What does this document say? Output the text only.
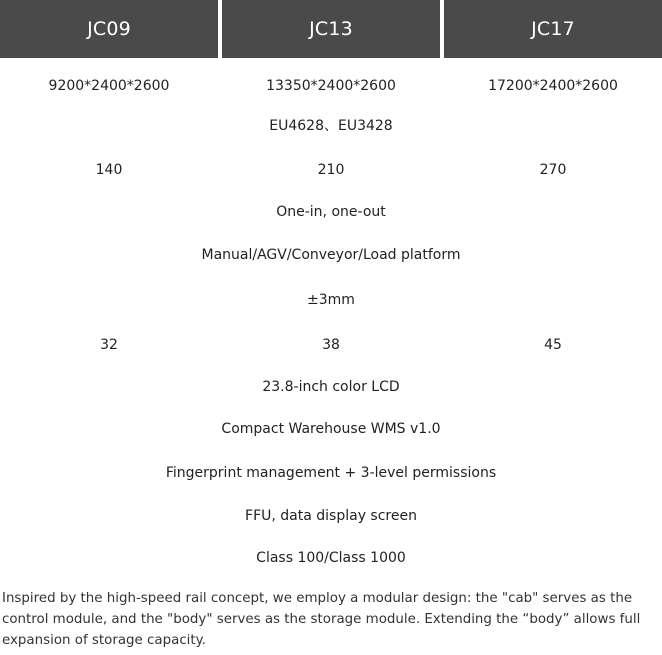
JC09	JC13	JC17
9200*2400*2600	13350*2400*2600	17200*2400*2600
EU4628、EU3428
140	210	270
One-in, one-out
Manual/AGV/Conveyor/Load platform
±3mm
32	38	45
23.8-inch color LCD
Compact Warehouse WMS v1.0
Fingerprint management + 3-level permissions
FFU, data display screen
Class 100/Class 1000
Inspired by the high-speed rail concept, we employ a modular design: the "cab" serves as the
control module, and the "body" serves as the storage module. Extending the “body” allows full
expansion of storage capacity.
